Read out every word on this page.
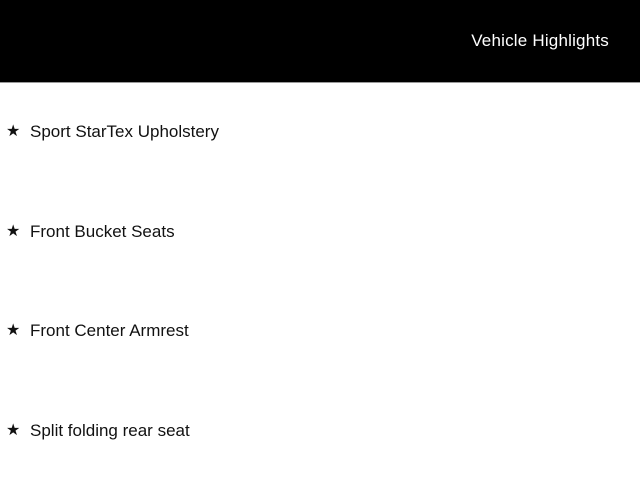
Vehicle Highlights
★ Sport StarTex Upholstery
★ Front Bucket Seats
★ Front Center Armrest
★ Split folding rear seat
